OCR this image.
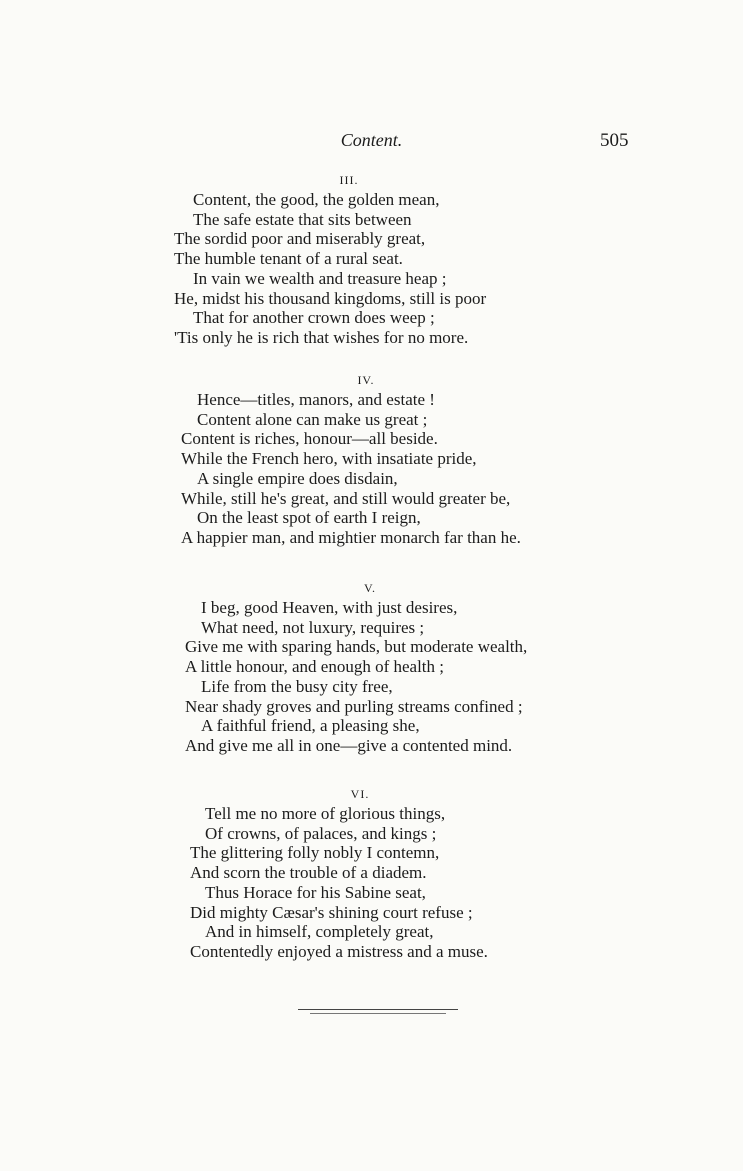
Content.	505
III.
Content, the good, the golden mean,
The safe estate that sits between
The sordid poor and miserably great,
The humble tenant of a rural seat.
In vain we wealth and treasure heap ;
He, midst his thousand kingdoms, still is poor
That for another crown does weep ;
'Tis only he is rich that wishes for no more.
IV.
Hence—titles, manors, and estate !
Content alone can make us great ;
Content is riches, honour—all beside.
While the French hero, with insatiate pride,
A single empire does disdain,
While, still he's great, and still would greater be,
On the least spot of earth I reign,
A happier man, and mightier monarch far than he.
V.
I beg, good Heaven, with just desires,
What need, not luxury, requires ;
Give me with sparing hands, but moderate wealth,
A little honour, and enough of health ;
Life from the busy city free,
Near shady groves and purling streams confined ;
A faithful friend, a pleasing she,
And give me all in one—give a contented mind.
VI.
Tell me no more of glorious things,
Of crowns, of palaces, and kings ;
The glittering folly nobly I contemn,
And scorn the trouble of a diadem.
Thus Horace for his Sabine seat,
Did mighty Cæsar's shining court refuse ;
And in himself, completely great,
Contentedly enjoyed a mistress and a muse.
